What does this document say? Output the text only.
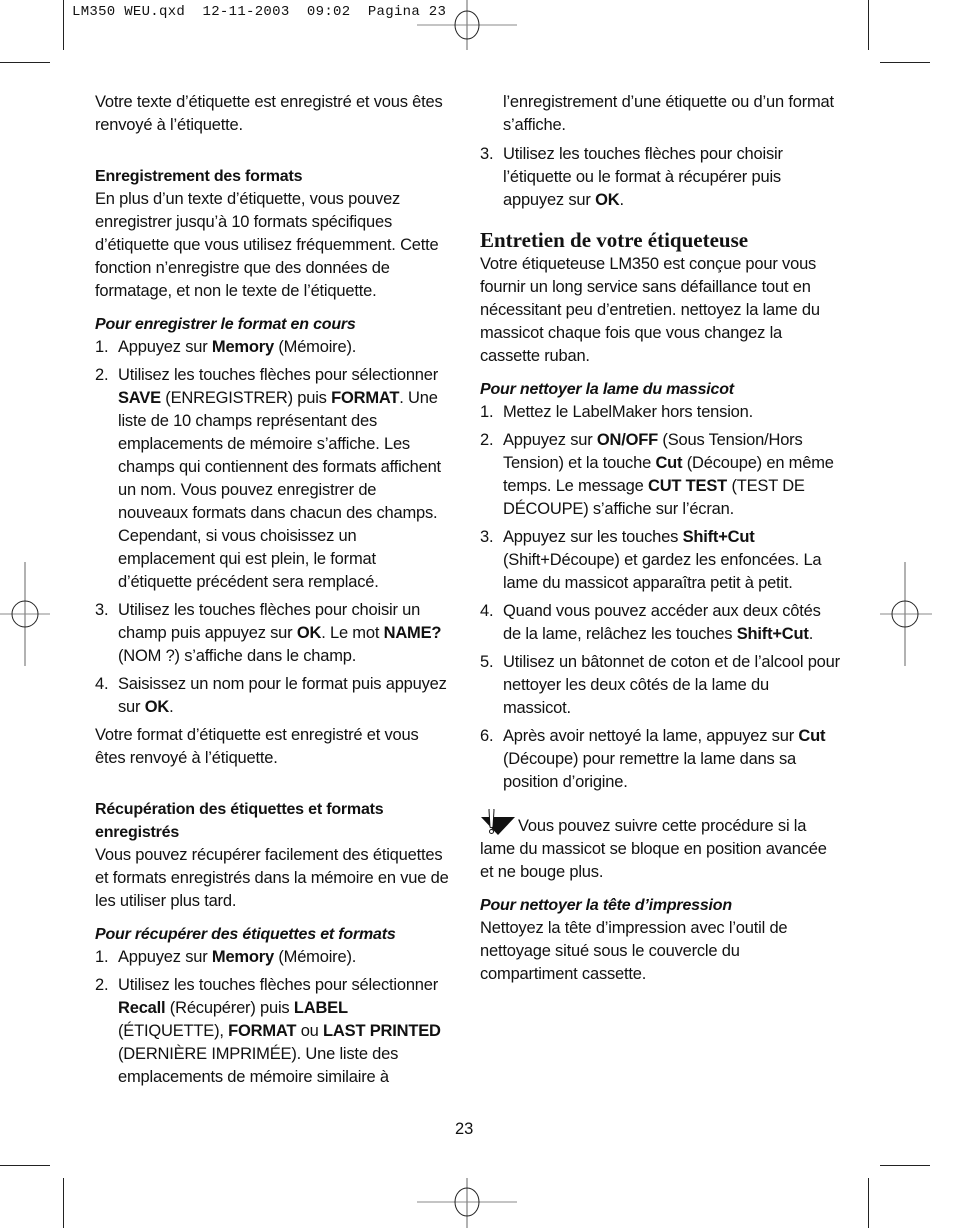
LM350 WEU.qxd  12-11-2003  09:02  Pagina 23

Votre texte d’étiquette est enregistré et vous êtes renvoyé à l’étiquette.

Enregistrement des formats

En plus d’un texte d’étiquette, vous pouvez enregistrer jusqu’à 10 formats spécifiques d’étiquette que vous utilisez fréquemment. Cette fonction n’enregistre que des données de formatage, et non le texte de l’étiquette.

Pour enregistrer le format en cours

1. Appuyez sur Memory (Mémoire).
2. Utilisez les touches flèches pour sélectionner SAVE (ENREGISTRER) puis FORMAT. Une liste de 10 champs représentant des emplacements de mémoire s’affiche. Les champs qui contiennent des formats affichent un nom. Vous pouvez enregistrer de nouveaux formats dans chacun des champs. Cependant, si vous choisissez un emplacement qui est plein, le format d’étiquette précédent sera remplacé.
3. Utilisez les touches flèches pour choisir un champ puis appuyez sur OK. Le mot NAME? (NOM ?) s’affiche dans le champ.
4. Saisissez un nom pour le format puis appuyez sur OK.

Votre format d’étiquette est enregistré et vous êtes renvoyé à l’étiquette.

Récupération des étiquettes et formats enregistrés

Vous pouvez récupérer facilement des étiquettes et formats enregistrés dans la mémoire en vue de les utiliser plus tard.

Pour récupérer des étiquettes et formats

1. Appuyez sur Memory (Mémoire).
2. Utilisez les touches flèches pour sélectionner Recall (Récupérer) puis LABEL (ÉTIQUETTE), FORMAT ou LAST PRINTED (DERNIÈRE IMPRIMÉE). Une liste des emplacements de mémoire similaire à

l’enregistrement d’une étiquette ou d’un format s’affiche.

3. Utilisez les touches flèches pour choisir l’étiquette ou le format à récupérer puis appuyez sur OK.

Entretien de votre étiqueteuse

Votre étiqueteuse LM350 est conçue pour vous fournir un long service sans défaillance tout en nécessitant peu d’entretien. nettoyez la lame du massicot chaque fois que vous changez la cassette ruban.

Pour nettoyer la lame du massicot

1. Mettez le LabelMaker hors tension.
2. Appuyez sur ON/OFF (Sous Tension/Hors Tension) et la touche Cut (Découpe) en même temps. Le message CUT TEST (TEST DE DÉCOUPE) s’affiche sur l’écran.
3. Appuyez sur les touches Shift+Cut (Shift+Découpe) et gardez les enfoncées. La lame du massicot apparaîtra petit à petit.
4. Quand vous pouvez accéder aux deux côtés de la lame, relâchez les touches Shift+Cut.
5. Utilisez un bâtonnet de coton et de l’alcool pour nettoyer les deux côtés de la lame du massicot.
6. Après avoir nettoyé la lame, appuyez sur Cut (Découpe) pour remettre la lame dans sa position d’origine.

Vous pouvez suivre cette procédure si la lame du massicot se bloque en position avancée et ne bouge plus.

Pour nettoyer la tête d’impression

Nettoyez la tête d’impression avec l’outil de nettoyage situé sous le couvercle du compartiment cassette.

23
